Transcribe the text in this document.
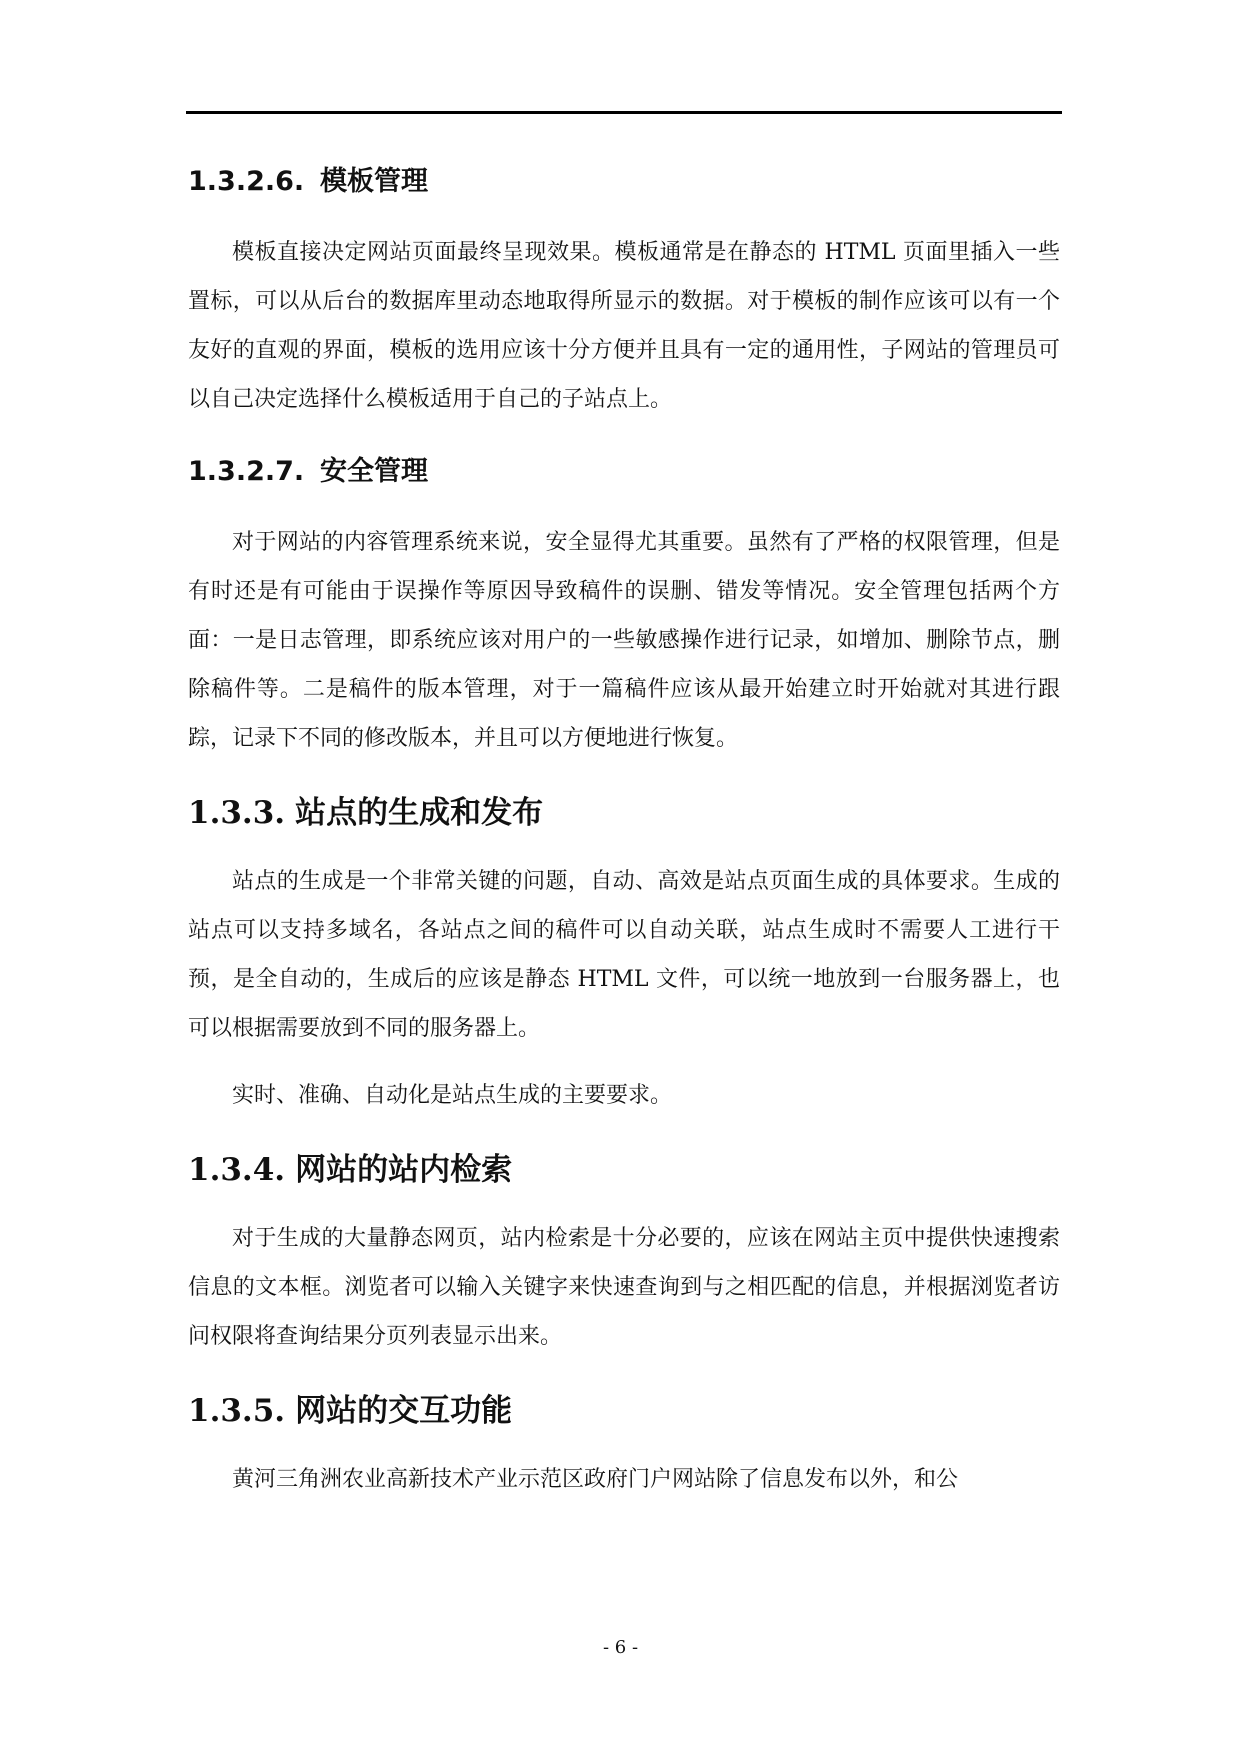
1.3.2.6. 模板管理

模板直接决定网站页面最终呈现效果。模板通常是在静态的 HTML 页面里插入一些置标，可以从后台的数据库里动态地取得所显示的数据。对于模板的制作应该可以有一个友好的直观的界面，模板的选用应该十分方便并且具有一定的通用性，子网站的管理员可以自己决定选择什么模板适用于自己的子站点上。

1.3.2.7. 安全管理

对于网站的内容管理系统来说，安全显得尤其重要。虽然有了严格的权限管理，但是有时还是有可能由于误操作等原因导致稿件的误删、错发等情况。安全管理包括两个方面：一是日志管理，即系统应该对用户的一些敏感操作进行记录，如增加、删除节点，删除稿件等。二是稿件的版本管理，对于一篇稿件应该从最开始建立时开始就对其进行跟踪，记录下不同的修改版本，并且可以方便地进行恢复。

1.3.3. 站点的生成和发布

站点的生成是一个非常关键的问题，自动、高效是站点页面生成的具体要求。生成的站点可以支持多域名，各站点之间的稿件可以自动关联，站点生成时不需要人工进行干预，是全自动的，生成后的应该是静态 HTML 文件，可以统一地放到一台服务器上，也可以根据需要放到不同的服务器上。

实时、准确、自动化是站点生成的主要要求。

1.3.4. 网站的站内检索

对于生成的大量静态网页，站内检索是十分必要的，应该在网站主页中提供快速搜索信息的文本框。浏览者可以输入关键字来快速查询到与之相匹配的信息，并根据浏览者访问权限将查询结果分页列表显示出来。

1.3.5. 网站的交互功能

黄河三角洲农业高新技术产业示范区政府门户网站除了信息发布以外，和公

- 6 -
